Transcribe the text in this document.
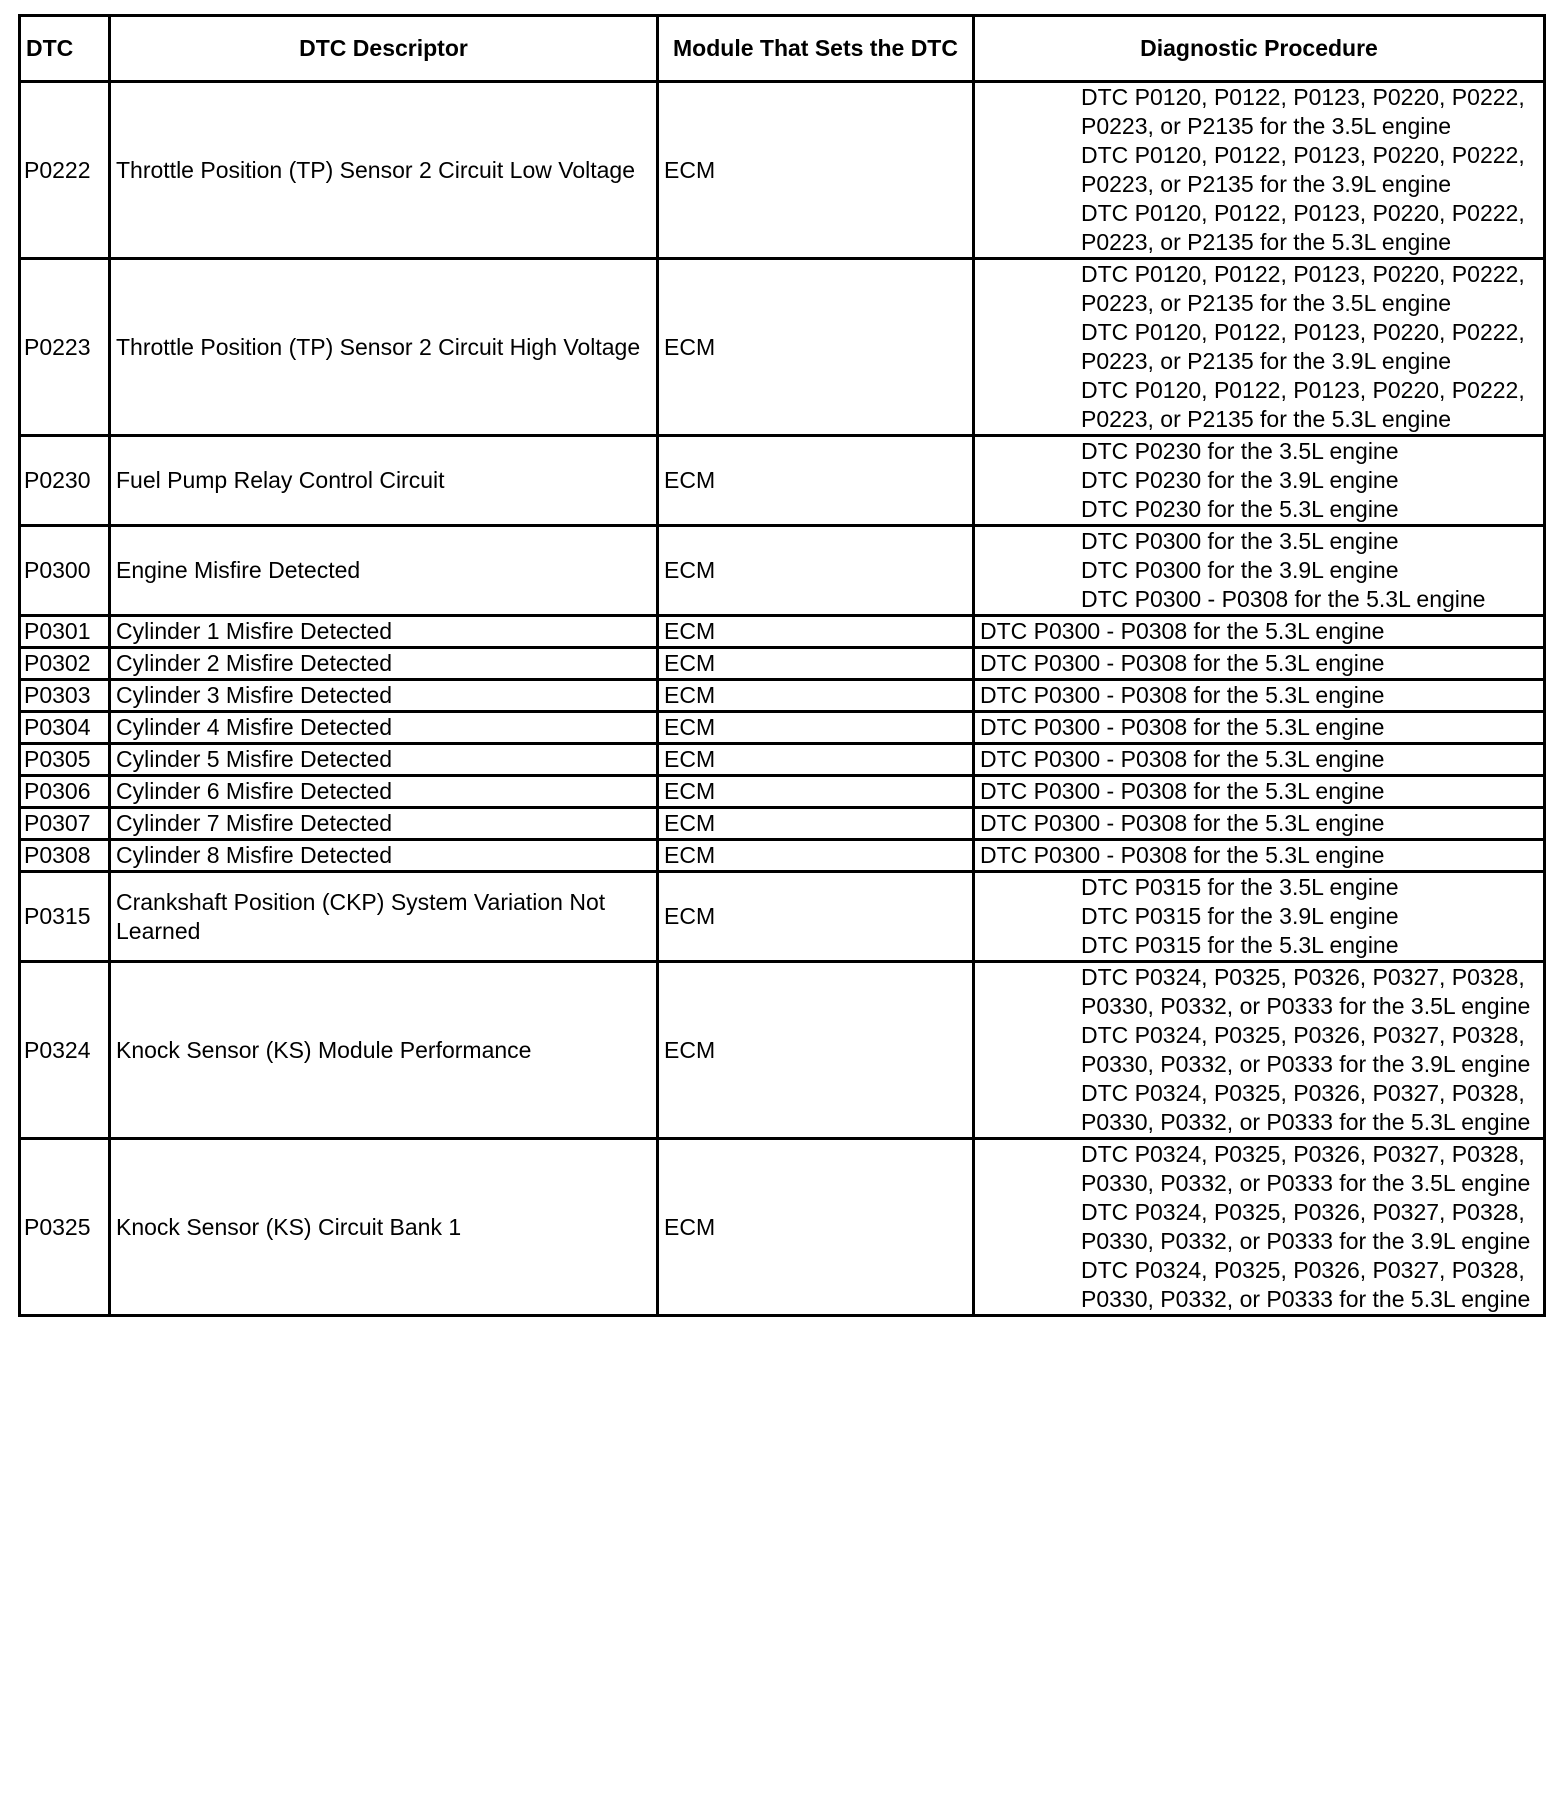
DTC	DTC Descriptor	Module That Sets the DTC	Diagnostic Procedure
P0222	Throttle Position (TP) Sensor 2 Circuit Low Voltage	ECM	DTC P0120, P0122, P0123, P0220, P0222, P0223, or P2135 for the 3.5L engine
DTC P0120, P0122, P0123, P0220, P0222, P0223, or P2135 for the 3.9L engine
DTC P0120, P0122, P0123, P0220, P0222, P0223, or P2135 for the 5.3L engine

P0223	Throttle Position (TP) Sensor 2 Circuit High Voltage	ECM	DTC P0120, P0122, P0123, P0220, P0222, P0223, or P2135 for the 3.5L engine
DTC P0120, P0122, P0123, P0220, P0222, P0223, or P2135 for the 3.9L engine
DTC P0120, P0122, P0123, P0220, P0222, P0223, or P2135 for the 5.3L engine

P0230	Fuel Pump Relay Control Circuit	ECM	DTC P0230 for the 3.5L engine
DTC P0230 for the 3.9L engine
DTC P0230 for the 5.3L engine

P0300	Engine Misfire Detected	ECM	DTC P0300 for the 3.5L engine
DTC P0300 for the 3.9L engine
DTC P0300 - P0308 for the 5.3L engine

P0301	Cylinder 1 Misfire Detected	ECM	DTC P0300 - P0308 for the 5.3L engine

P0302	Cylinder 2 Misfire Detected	ECM	DTC P0300 - P0308 for the 5.3L engine

P0303	Cylinder 3 Misfire Detected	ECM	DTC P0300 - P0308 for the 5.3L engine

P0304	Cylinder 4 Misfire Detected	ECM	DTC P0300 - P0308 for the 5.3L engine

P0305	Cylinder 5 Misfire Detected	ECM	DTC P0300 - P0308 for the 5.3L engine

P0306	Cylinder 6 Misfire Detected	ECM	DTC P0300 - P0308 for the 5.3L engine

P0307	Cylinder 7 Misfire Detected	ECM	DTC P0300 - P0308 for the 5.3L engine

P0308	Cylinder 8 Misfire Detected	ECM	DTC P0300 - P0308 for the 5.3L engine

P0315	Crankshaft Position (CKP) System Variation Not Learned	ECM	DTC P0315 for the 3.5L engine
DTC P0315 for the 3.9L engine
DTC P0315 for the 5.3L engine

P0324	Knock Sensor (KS) Module Performance	ECM	DTC P0324, P0325, P0326, P0327, P0328, P0330, P0332, or P0333 for the 3.5L engine
DTC P0324, P0325, P0326, P0327, P0328, P0330, P0332, or P0333 for the 3.9L engine
DTC P0324, P0325, P0326, P0327, P0328, P0330, P0332, or P0333 for the 5.3L engine

P0325	Knock Sensor (KS) Circuit Bank 1	ECM	DTC P0324, P0325, P0326, P0327, P0328, P0330, P0332, or P0333 for the 3.5L engine
DTC P0324, P0325, P0326, P0327, P0328, P0330, P0332, or P0333 for the 3.9L engine
DTC P0324, P0325, P0326, P0327, P0328, P0330, P0332, or P0333 for the 5.3L engine
